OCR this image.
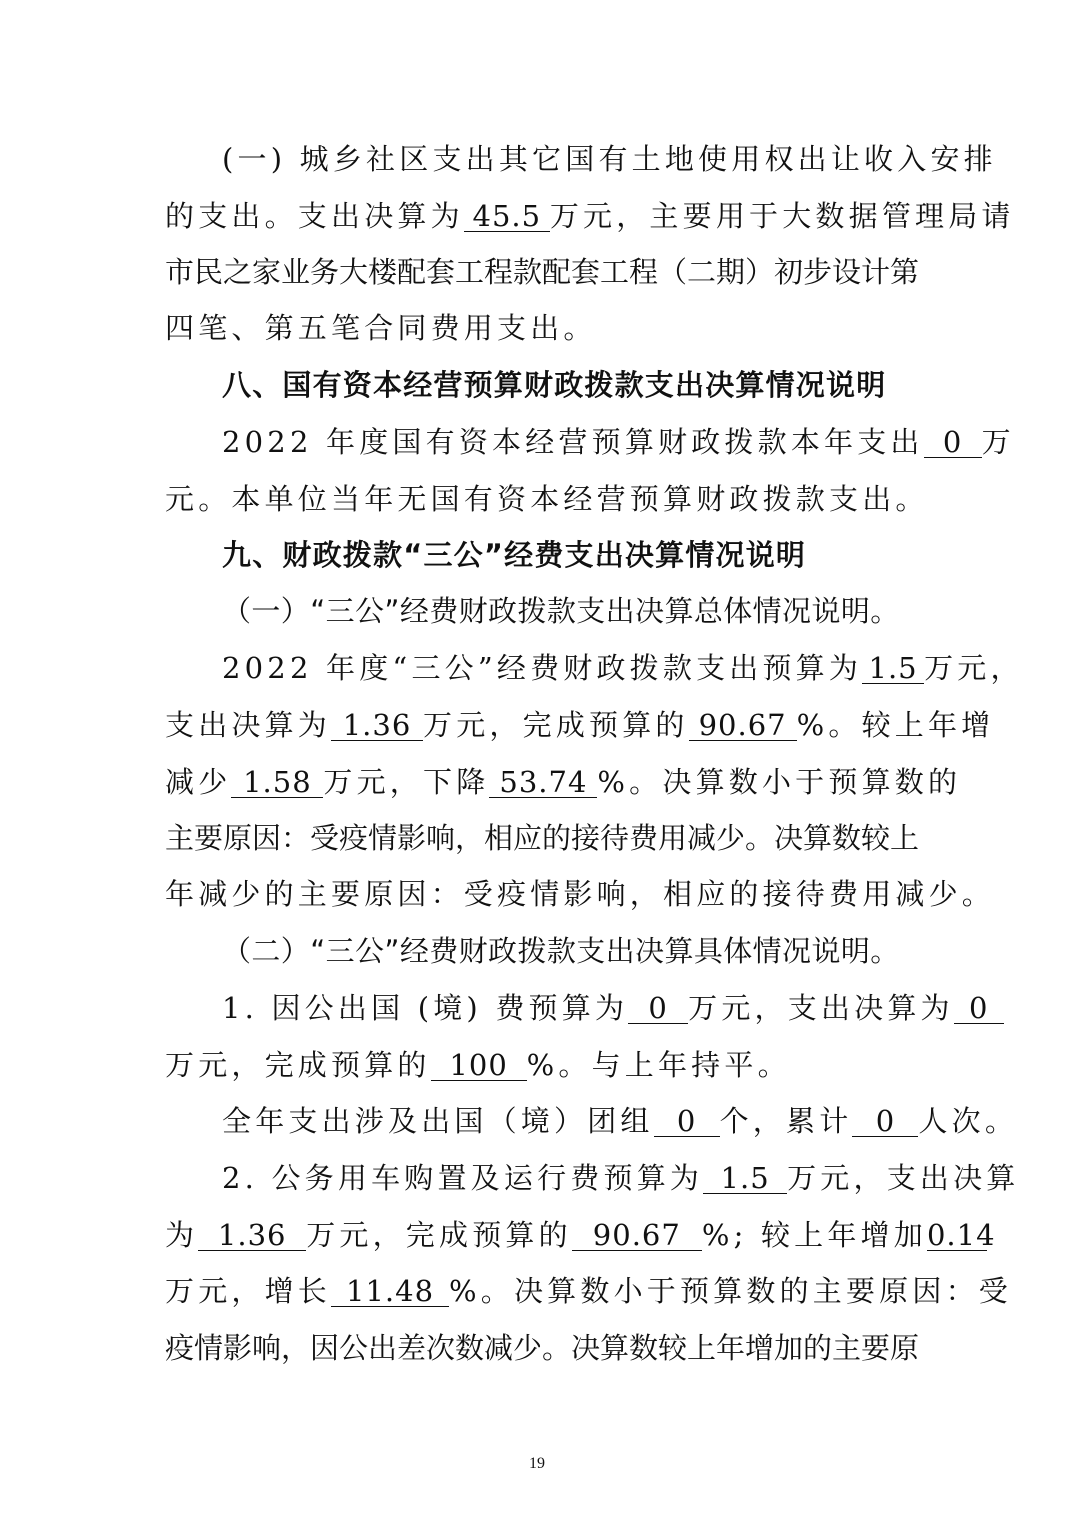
(一) 城乡社区支出其它国有土地使用权出让收入安排
的支出。支出决算为 45.5 万元，主要用于大数据管理局请
市民之家业务大楼配套工程款配套工程（二期）初步设计第
四笔、第五笔合同费用支出。
八、国有资本经营预算财政拨款支出决算情况说明
2022 年度国有资本经营预算财政拨款本年支出 0 万
元。本单位当年无国有资本经营预算财政拨款支出。
九、财政拨款“三公”经费支出决算情况说明
（一）“三公”经费财政拨款支出决算总体情况说明。
2022 年度“三公”经费财政拨款支出预算为 1.5 万元，
支出决算为 1.36 万元，完成预算的 90.67 %。较上年增
减少 1.58 万元，下降 53.74 %。决算数小于预算数的
主要原因：受疫情影响，相应的接待费用减少。决算数较上
年减少的主要原因：受疫情影响，相应的接待费用减少。
（二）“三公”经费财政拨款支出决算具体情况说明。
1. 因公出国 (境) 费预算为 0 万元，支出决算为 0
万元，完成预算的 100 %。与上年持平。
全年支出涉及出国（境）团组 0 个，累计 0 人次。
2. 公务用车购置及运行费预算为 1.5 万元，支出决算
为 1.36 万元，完成预算的 90.67 %; 较上年增加0.14
万元，增长 11.48 %。决算数小于预算数的主要原因：受
疫情影响，因公出差次数减少。决算数较上年增加的主要原
19
